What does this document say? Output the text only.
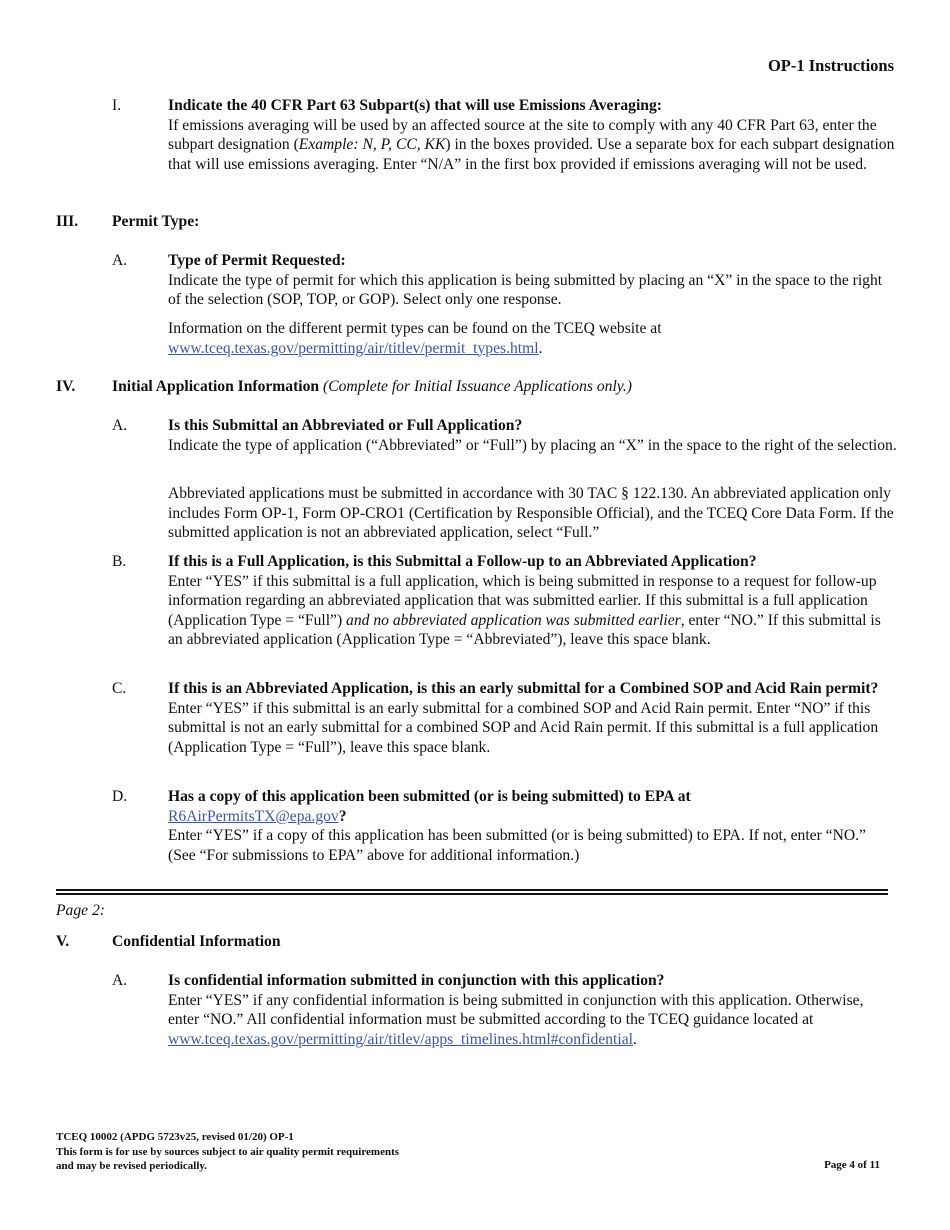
OP-1 Instructions
I.	Indicate the 40 CFR Part 63 Subpart(s) that will use Emissions Averaging:
If emissions averaging will be used by an affected source at the site to comply with any 40 CFR Part 63, enter the subpart designation (Example: N, P, CC, KK) in the boxes provided. Use a separate box for each subpart designation that will use emissions averaging. Enter “N/A” in the first box provided if emissions averaging will not be used.
III. Permit Type:
A.	Type of Permit Requested:
Indicate the type of permit for which this application is being submitted by placing an “X” in the space to the right of the selection (SOP, TOP, or GOP). Select only one response.
Information on the different permit types can be found on the TCEQ website at
www.tceq.texas.gov/permitting/air/titlev/permit_types.html.
IV. Initial Application Information (Complete for Initial Issuance Applications only.)
A.	Is this Submittal an Abbreviated or Full Application?
Indicate the type of application (“Abbreviated” or “Full”) by placing an “X” in the space to the right of the selection.
Abbreviated applications must be submitted in accordance with 30 TAC § 122.130. An abbreviated application only includes Form OP-1, Form OP-CRO1 (Certification by Responsible Official), and the TCEQ Core Data Form. If the submitted application is not an abbreviated application, select “Full.”
B.	If this is a Full Application, is this Submittal a Follow-up to an Abbreviated Application?
Enter “YES” if this submittal is a full application, which is being submitted in response to a request for follow-up information regarding an abbreviated application that was submitted earlier. If this submittal is a full application (Application Type = “Full”) and no abbreviated application was submitted earlier, enter “NO.” If this submittal is an abbreviated application (Application Type = “Abbreviated”), leave this space blank.
C.	If this is an Abbreviated Application, is this an early submittal for a Combined SOP and Acid Rain permit?
Enter “YES” if this submittal is an early submittal for a combined SOP and Acid Rain permit. Enter “NO” if this submittal is not an early submittal for a combined SOP and Acid Rain permit. If this submittal is a full application (Application Type = “Full”), leave this space blank.
D.	Has a copy of this application been submitted (or is being submitted) to EPA at
R6AirPermitsTX@epa.gov?
Enter “YES” if a copy of this application has been submitted (or is being submitted) to EPA. If not, enter “NO.” (See “For submissions to EPA” above for additional information.)
Page 2:
V.	Confidential Information
A.	Is confidential information submitted in conjunction with this application?
Enter “YES” if any confidential information is being submitted in conjunction with this application. Otherwise, enter “NO.” All confidential information must be submitted according to the TCEQ guidance located at www.tceq.texas.gov/permitting/air/titlev/apps_timelines.html#confidential.
TCEQ 10002 (APDG 5723v25, revised 01/20) OP-1
This form is for use by sources subject to air quality permit requirements
and may be revised periodically.	Page 4 of 11
